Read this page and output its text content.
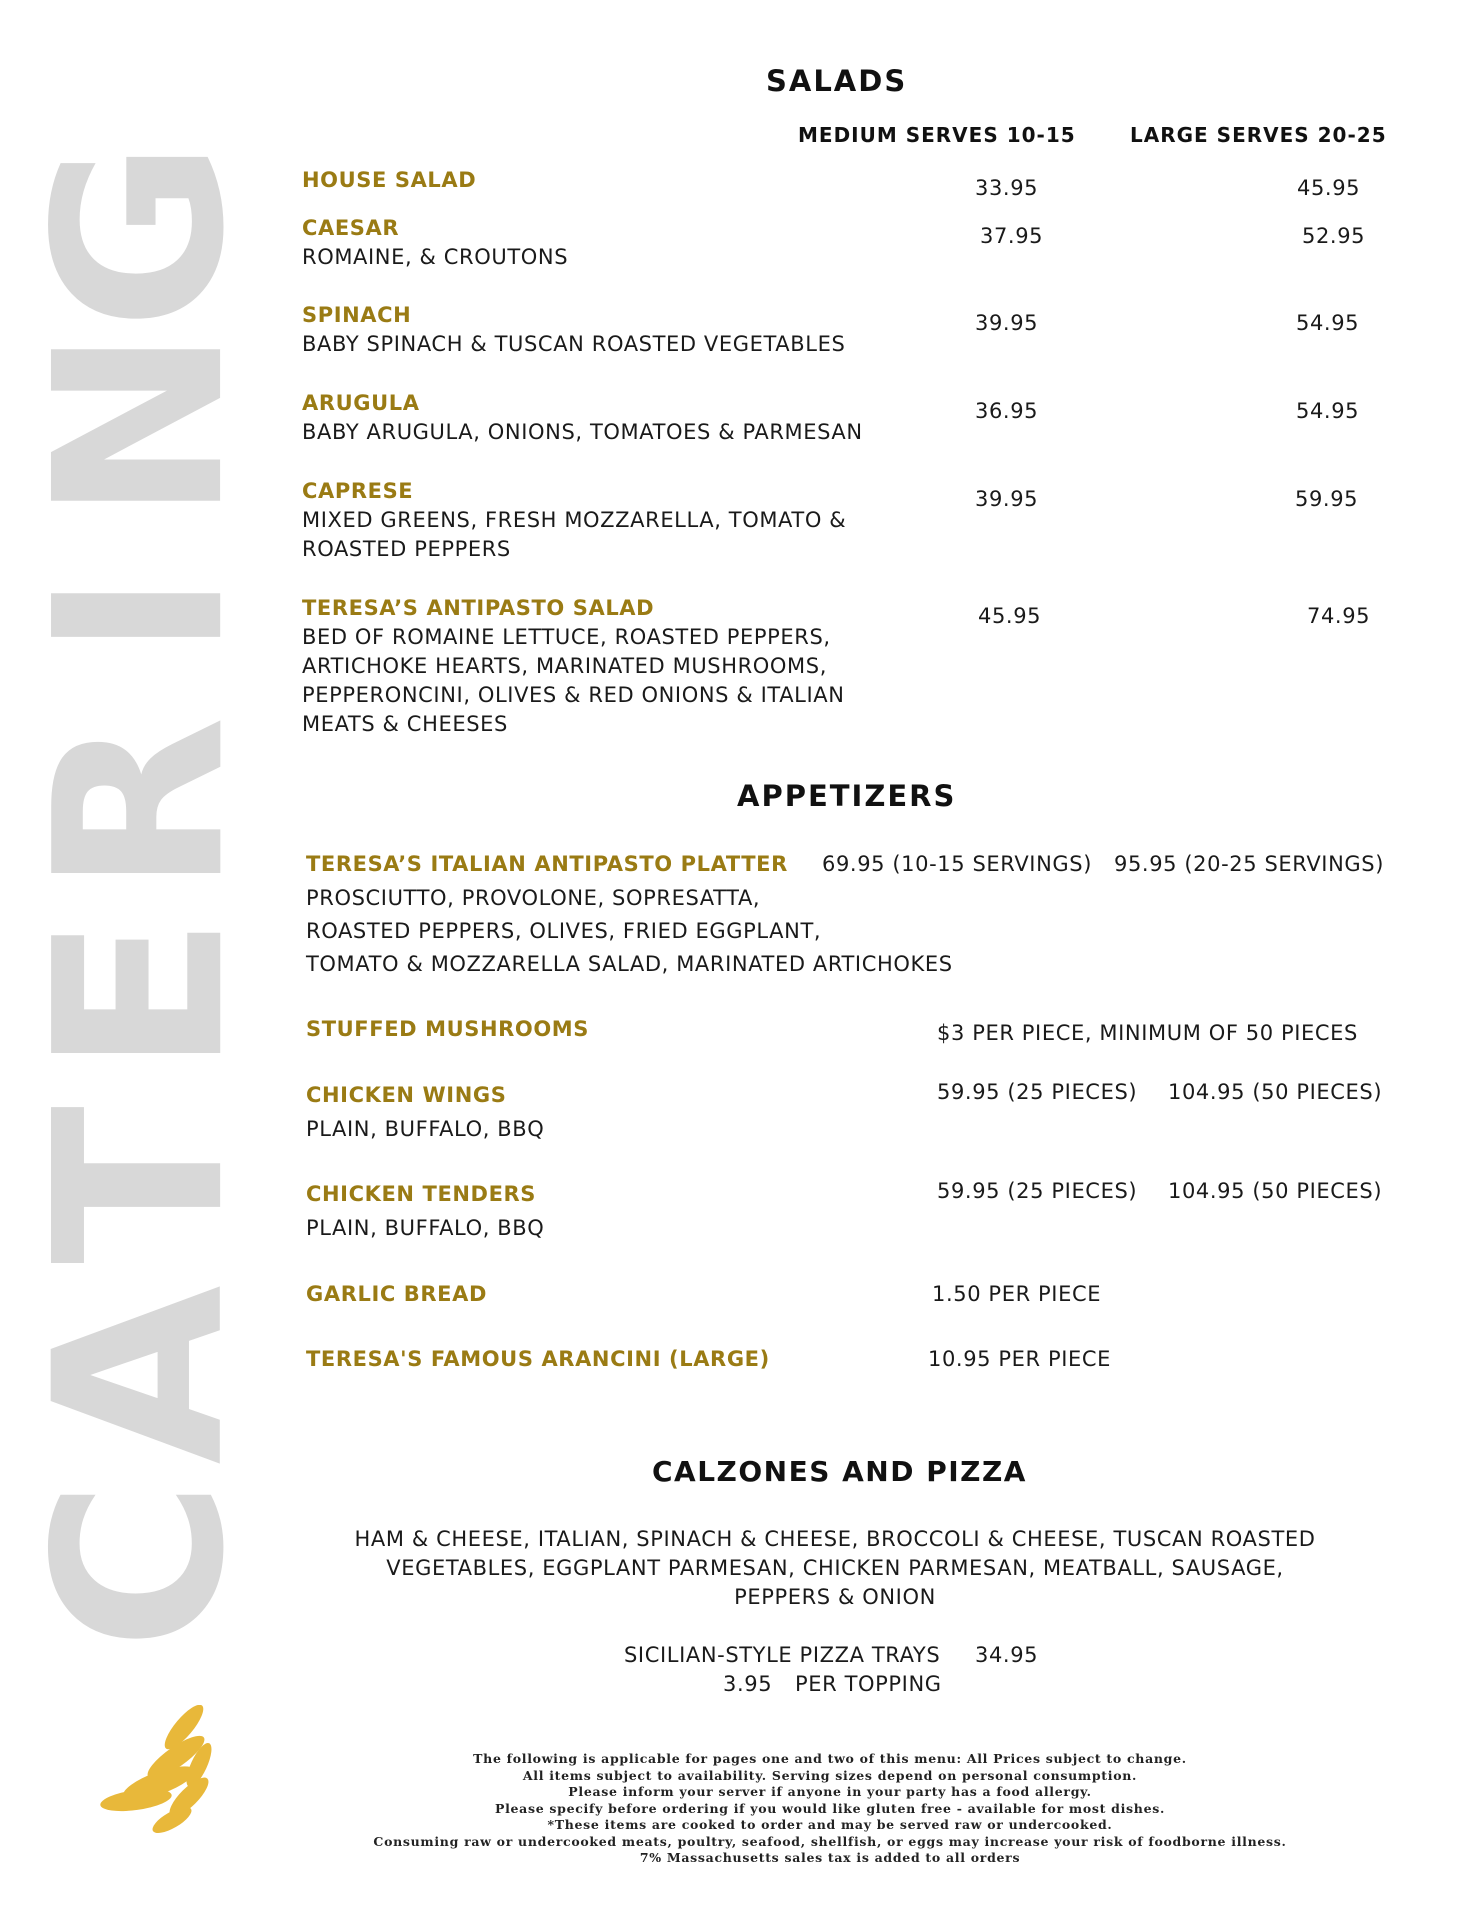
C
A
T
E
R
I
N
G
SALADS
MEDIUM SERVES 10-15	LARGE SERVES 20-25
HOUSE SALAD	33.95	45.95
CAESAR	37.95	52.95
ROMAINE, & CROUTONS
SPINACH	39.95	54.95
BABY SPINACH & TUSCAN ROASTED VEGETABLES
ARUGULA	36.95	54.95
BABY ARUGULA, ONIONS, TOMATOES & PARMESAN
CAPRESE	39.95	59.95
MIXED GREENS, FRESH MOZZARELLA, TOMATO &
ROASTED PEPPERS
TERESA’S ANTIPASTO SALAD	45.95	74.95
BED OF ROMAINE LETTUCE, ROASTED PEPPERS,
ARTICHOKE HEARTS, MARINATED MUSHROOMS,
PEPPERONCINI, OLIVES & RED ONIONS & ITALIAN
MEATS & CHEESES
APPETIZERS
TERESA’S ITALIAN ANTIPASTO PLATTER 69.95 (10-15 SERVINGS) 95.95 (20-25 SERVINGS)
PROSCIUTTO, PROVOLONE, SOPRESATTA,
ROASTED PEPPERS, OLIVES, FRIED EGGPLANT,
TOMATO & MOZZARELLA SALAD, MARINATED ARTICHOKES
STUFFED MUSHROOMS	$3 PER PIECE, MINIMUM OF 50 PIECES
CHICKEN WINGS	59.95 (25 PIECES) 104.95 (50 PIECES)
PLAIN, BUFFALO, BBQ
CHICKEN TENDERS	59.95 (25 PIECES) 104.95 (50 PIECES)
PLAIN, BUFFALO, BBQ
GARLIC BREAD	1.50 PER PIECE
TERESA'S FAMOUS ARANCINI (LARGE)	10.95 PER PIECE
CALZONES AND PIZZA
HAM & CHEESE, ITALIAN, SPINACH & CHEESE, BROCCOLI & CHEESE, TUSCAN ROASTED
VEGETABLES, EGGPLANT PARMESAN, CHICKEN PARMESAN, MEATBALL, SAUSAGE,
PEPPERS & ONION
SICILIAN-STYLE PIZZA TRAYS 34.95
3.95 PER TOPPING
The following is applicable for pages one and two of this menu: All Prices subject to change.
All items subject to availability. Serving sizes depend on personal consumption.
Please inform your server if anyone in your party has a food allergy.
Please specify before ordering if you would like gluten free - available for most dishes.
*These items are cooked to order and may be served raw or undercooked.
Consuming raw or undercooked meats, poultry, seafood, shellfish, or eggs may increase your risk of foodborne illness.
7% Massachusetts sales tax is added to all orders
